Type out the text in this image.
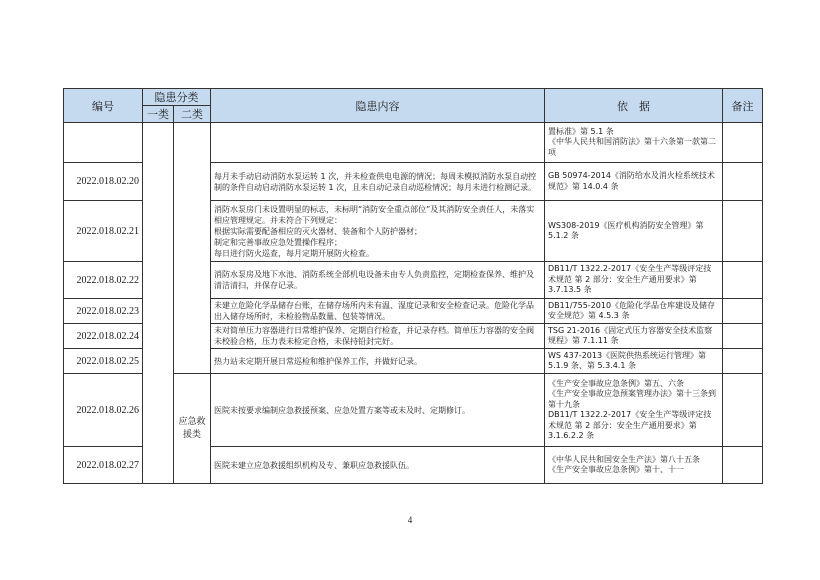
编号	隐患分类		隐患内容	依　据	备注
	一类	二类			
				置标准》第 5.1 条
《中华人民共和国消防法》第十六条第一款第二项	
2022.018.02.20			每月未手动启动消防水泵运转 1 次，并未检查供电电源的情况；每周未模拟消防水泵自动控制的条件自动启动消防水泵运转 1 次，且未自动记录自动巡检情况；每月未进行检测记录。	GB 50974-2014《消防给水及消火栓系统技术规范》第 14.0.4 条	
2022.018.02.21			消防水泵房门未设置明显的标志，未标明“消防安全重点部位”及其消防安全责任人，未落实相应管理规定。并未符合下列规定：
根据实际需要配备相应的灭火器材、装备和个人防护器材；
制定和完善事故应急处置操作程序；
每日进行防火巡查，每月定期开展防火检查。	WS308-2019《医疗机构消防安全管理》第 5.1.2 条	
2022.018.02.22			消防水泵房及地下水池、消防系统全部机电设备未由专人负责监控，定期检查保养、维护及清洁清扫，并保存记录。	DB11/T 1322.2-2017《安全生产等级评定技术规范 第 2 部分：安全生产通用要求》第 3.7.13.5 条	
2022.018.02.23			未建立危险化学品储存台账，在储存场所内未有温、湿度记录和安全检查记录。危险化学品出入储存场所时，未检验物品数量、包装等情况。	DB11/755-2010《危险化学品仓库建设及储存安全规范》第 4.5.3 条	
2022.018.02.24			未对简单压力容器进行日常维护保养、定期自行检查，并记录存档。简单压力容器的安全阀未校验合格，压力表未检定合格，未保持铅封完好。	TSG 21-2016《固定式压力容器安全技术监察规程》第 7.1.11 条	
2022.018.02.25			热力站未定期开展日常巡检和维护保养工作，并做好记录。	WS 437-2013《医院供热系统运行管理》第 5.1.9 条、第 5.3.4.1 条	
2022.018.02.26		应急救援类	医院未按要求编制应急救援预案、应急处置方案等或未及时、定期修订。	《生产安全事故应急条例》第五、六条
《生产安全事故应急预案管理办法》第十三条到第十九条
DB11/T 1322.2-2017《安全生产等级评定技术规范 第 2 部分：安全生产通用要求》第 3.1.6.2.2 条	
2022.018.02.27			医院未建立应急救援组织机构及专、兼职应急救援队伍。	《中华人民共和国安全生产法》第八十五条
《生产安全事故应急条例》第十、十一	
4
